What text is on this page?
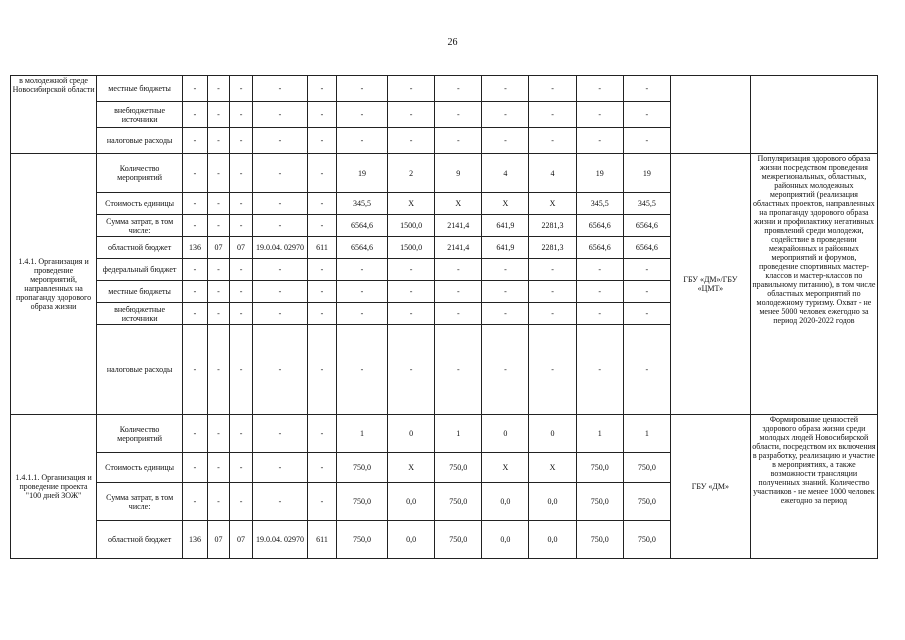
26
в молодежной среде Новосибирской области	местные бюджеты	-	-	-	-	-	-	-	-	-	-	-	-		
	внебюджетные источники	-	-	-	-	-	-	-	-	-	-	-	-		
	налоговые расходы	-	-	-	-	-	-	-	-	-	-	-	-		
1.4.1. Организация и проведение мероприятий, направленных на пропаганду здорового образа жизни	Количество мероприятий	-	-	-	-	-	19	2	9	4	4	19	19	ГБУ «ДМ»/ГБУ «ЦМТ»	Популяризация здорового образа жизни посредством проведения межрегиональных, областных, районных молодежных мероприятий (реализация областных проектов, направленных на пропаганду здорового образа жизни и профилактику негативных проявлений среди молодежи, содействие в проведении межрайонных и районных мероприятий и форумов, проведение спортивных мастер-классов и мастер-классов по правильному питанию), в том числе областных мероприятий по молодежному туризму. Охват - не менее 5000 человек ежегодно за период 2020-2022 годов
	Стоимость единицы	-	-	-	-	-	345,5	X	X	X	X	345,5	345,5		
	Сумма затрат, в том числе:	-	-	-	-	-	6564,6	1500,0	2141,4	641,9	2281,3	6564,6	6564,6		
	областной бюджет	136	07	07	19.0.04. 02970	611	6564,6	1500,0	2141,4	641,9	2281,3	6564,6	6564,6		
	федеральный бюджет	-	-	-	-	-	-	-	-	-	-	-	-		
	местные бюджеты	-	-	-	-	-	-	-	-	-	-	-	-		
	внебюджетные источники	-	-	-	-	-	-	-	-	-	-	-	-		
	налоговые расходы	-	-	-	-	-	-	-	-	-	-	-	-		
1.4.1.1. Организация и проведение проекта "100 дней ЗОЖ"	Количество мероприятий	-	-	-	-	-	1	0	1	0	0	1	1	ГБУ «ДМ»	Формирование ценностей здорового образа жизни среди молодых людей Новосибирской области, посредством их включения в разработку, реализацию и участие в мероприятиях, а также возможности трансляции полученных знаний. Количество участников - не менее 1000 человек ежегодно за период
	Стоимость единицы	-	-	-	-	-	750,0	X	750,0	X	X	750,0	750,0		
	Сумма затрат, в том числе:	-	-	-	-	-	750,0	0,0	750,0	0,0	0,0	750,0	750,0		
	областной бюджет	136	07	07	19.0.04. 02970	611	750,0	0,0	750,0	0,0	0,0	750,0	750,0		
